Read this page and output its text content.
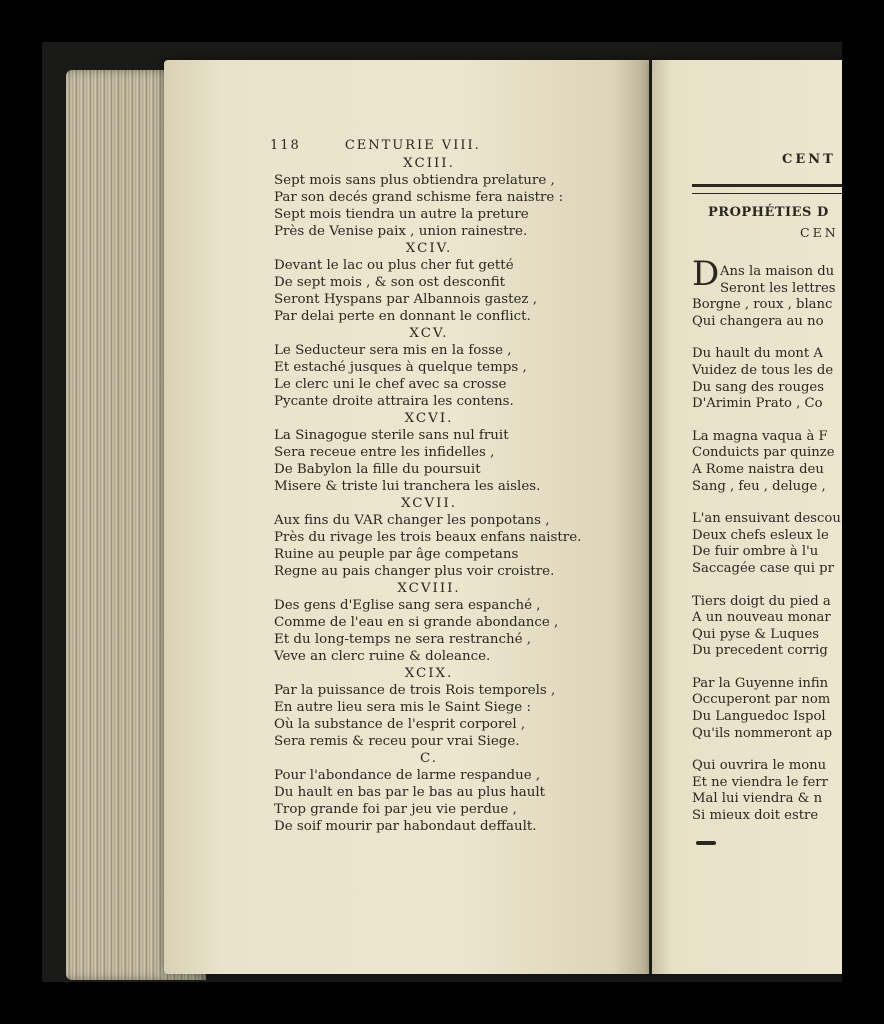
118	CENTURIE VIII.
XCIII.
Sept mois sans plus obtiendra prelature ,
Par son decés grand schisme fera naistre :
Sept mois tiendra un autre la preture
Près de Venise paix , union rainestre.
XCIV.
Devant le lac ou plus cher fut getté
De sept mois , & son ost desconfit
Seront Hyspans par Albannois gastez ,
Par delai perte en donnant le conflict.
XCV.
Le Seducteur sera mis en la fosse ,
Et estaché jusques à quelque temps ,
Le clerc uni le chef avec sa crosse
Pycante droite attraira les contens.
XCVI.
La Sinagogue sterile sans nul fruit
Sera receue entre les infidelles ,
De Babylon la fille du poursuit
Misere & triste lui tranchera les aisles.
XCVII.
Aux fins du VAR changer les ponpotans ,
Près du rivage les trois beaux enfans naistre.
Ruine au peuple par âge competans
Regne au pais changer plus voir croistre.
XCVIII.
Des gens d'Eglise sang sera espanché ,
Comme de l'eau en si grande abondance ,
Et du long-temps ne sera restranché ,
Veve an clerc ruine & doleance.
XCIX.
Par la puissance de trois Rois temporels ,
En autre lieu sera mis le Saint Siege :
Où la substance de l'esprit corporel ,
Sera remis & receu pour vrai Siege.
C.
Pour l'abondance de larme respandue ,
Du hault en bas par le bas au plus hault
Trop grande foi par jeu vie perdue ,
De soif mourir par habondaut deffault.
CENT
PROPHÉTIES D
CEN
D Ans la maison du
Seront les lettres
Borgne , roux , blanc
Qui changera au no
Du hault du mont A
Vuidez de tous les de
Du sang des rouges
D'Arimin Prato , Co
La magna vaqua à F
Conduicts par quinze
A Rome naistra deu
Sang , feu , deluge ,
L'an ensuivant descou
Deux chefs esleux le
De fuir ombre à l'u
Saccagée case qui pr
Tiers doigt du pied a
A un nouveau monar
Qui pyse & Luques
Du precedent corrig
Par la Guyenne infin
Occuperont par nom
Du Languedoc Ispol
Qu'ils nommeront ap
Qui ouvrira le monu
Et ne viendra le ferr
Mal lui viendra & n
Si mieux doit estre
